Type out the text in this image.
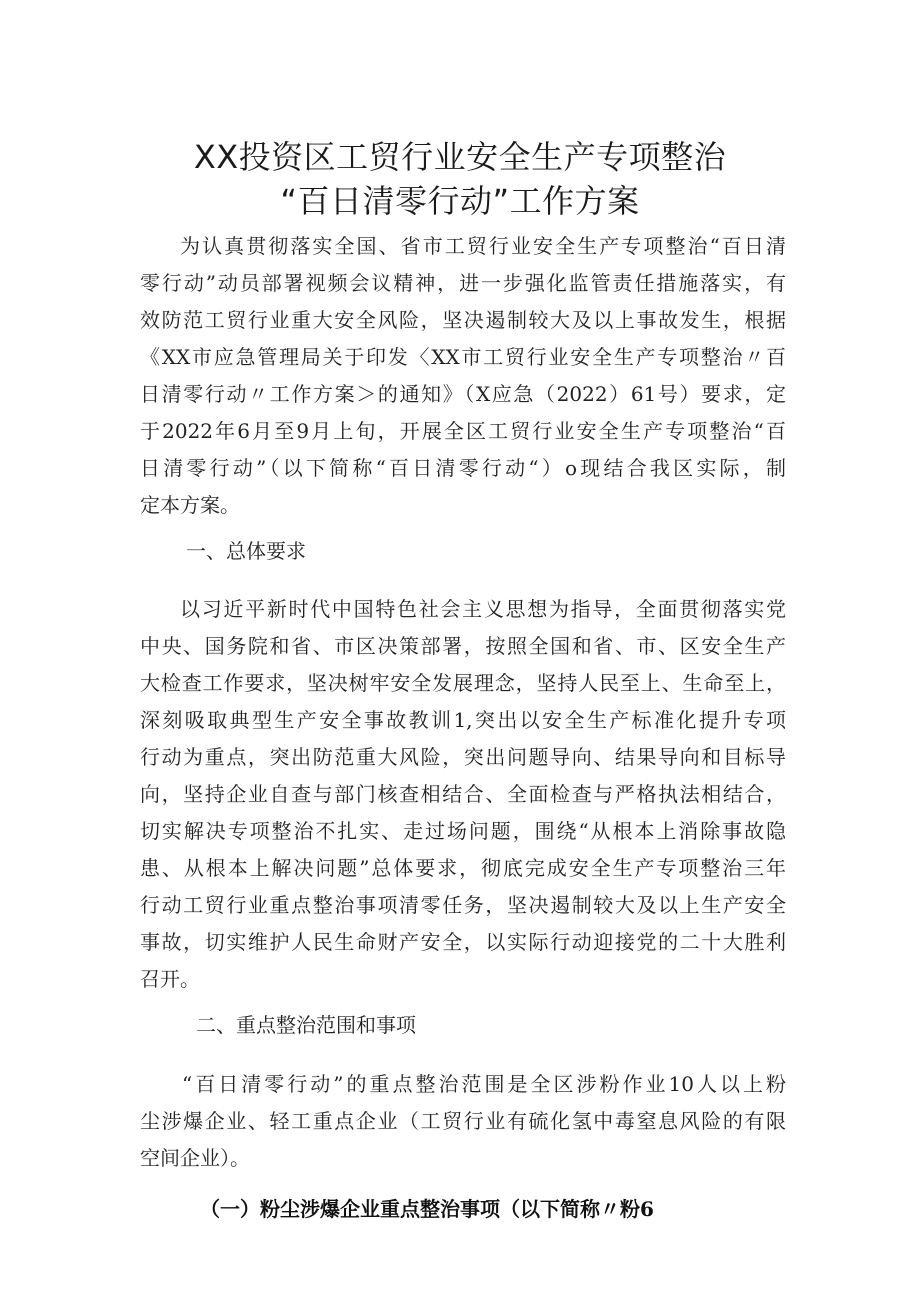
XX投资区工贸行业安全生产专项整治
“百日清零行动”工作方案
为认真贯彻落实全国、省市工贸行业安全生产专项整治“百日清
零行动”动员部署视频会议精神，进一步强化监管责任措施落实，有
效防范工贸行业重大安全风险，坚决遏制较大及以上事故发生，根据
《XX市应急管理局关于印发〈XX市工贸行业安全生产专项整治〃百
日清零行动〃工作方案＞的通知》（X应急（2022）61号）要求，定
于2022年6月至9月上旬，开展全区工贸行业安全生产专项整治“百
日清零行动”（以下简称“百日清零行动“）o现结合我区实际，制
定本方案。
一、总体要求
以习近平新时代中国特色社会主义思想为指导，全面贯彻落实党
中央、国务院和省、市区决策部署，按照全国和省、市、区安全生产
大检查工作要求，坚决树牢安全发展理念，坚持人民至上、生命至上，
深刻吸取典型生产安全事故教训1,突出以安全生产标准化提升专项
行动为重点，突出防范重大风险，突出问题导向、结果导向和目标导
向，坚持企业自查与部门核查相结合、全面检查与严格执法相结合，
切实解决专项整治不扎实、走过场问题，围绕“从根本上消除事故隐
患、从根本上解决问题”总体要求，彻底完成安全生产专项整治三年
行动工贸行业重点整治事项清零任务，坚决遏制较大及以上生产安全
事故，切实维护人民生命财产安全，以实际行动迎接党的二十大胜利
召开。
二、重点整治范围和事项
“百日清零行动”的重点整治范围是全区涉粉作业10人以上粉
尘涉爆企业、轻工重点企业（工贸行业有硫化氢中毒窒息风险的有限
空间企业）。
（一）粉尘涉爆企业重点整治事项（以下简称〃粉6
